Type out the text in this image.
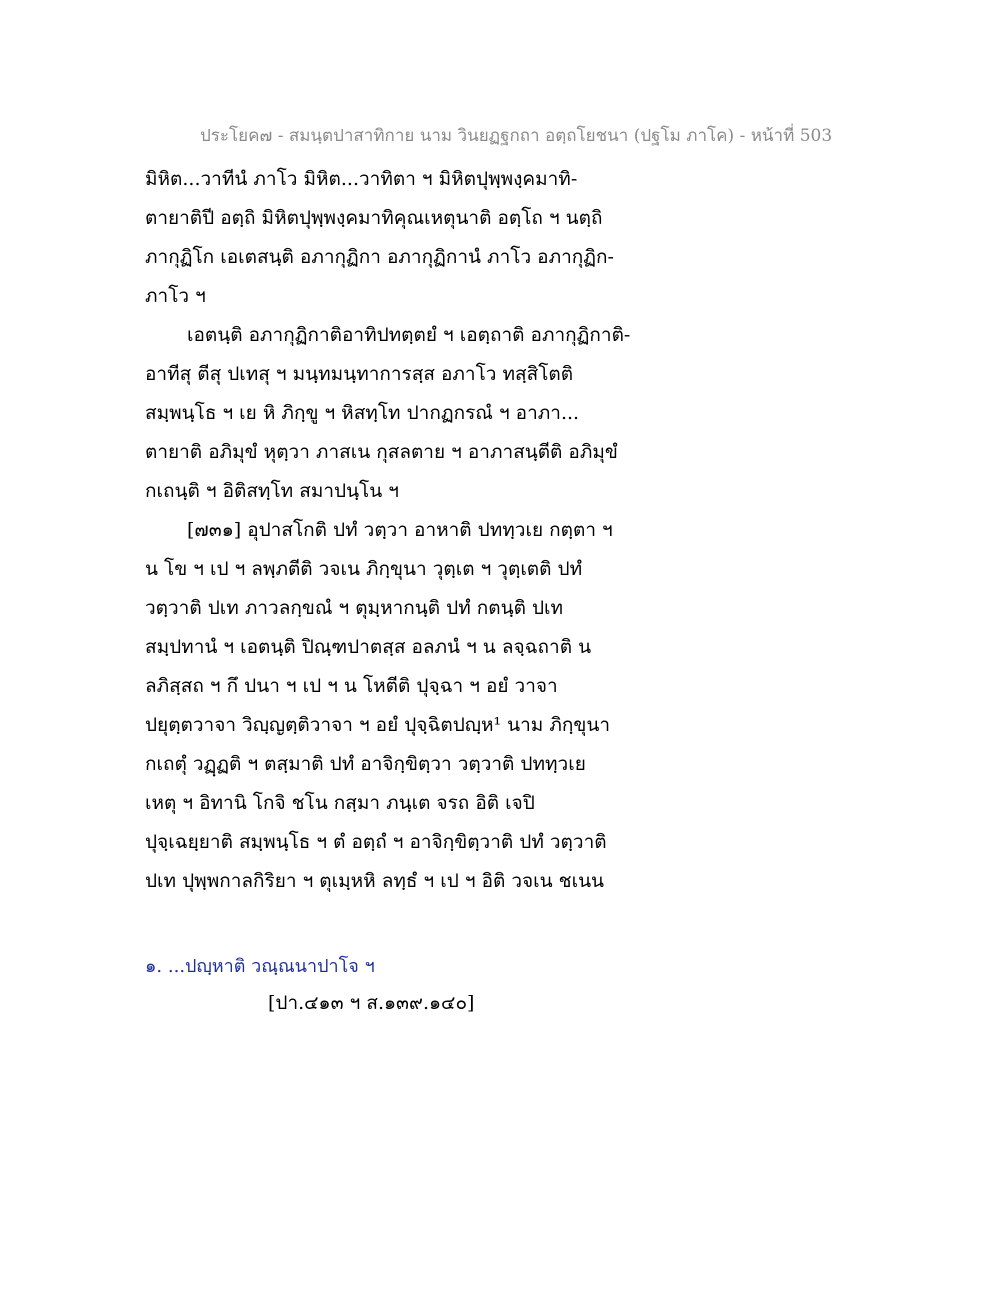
ประโยค๗ - สมนฺตปาสาทิกาย นาม วินยฏฐกถา อตฺถโยชนา (ปฐโม ภาโค) - หน้าที่ 503
มิหิต...วาทีนํ ภาโว มิหิต...วาทิตา ฯ มิหิตปุพฺพงฺคมาทิ-
ตายาติปี อตฺถิ มิหิตปุพฺพงฺคมาทิคุณเหตุนาติ อตฺโถ ฯ นตฺถิ
ภากุฏิโก เอเตสนฺติ อภากุฏิกา อภากุฏิกานํ ภาโว อภากุฏิก-
ภาโว ฯ
เอตนฺติ อภากุฏิกาติอาทิปทตฺตยํ ฯ เอตฺถาติ อภากุฏิกาติ-
อาทีสุ ตีสุ ปเทสุ ฯ มนฺทมนฺทาการสฺส อภาโว ทสฺสิโตติ
สมฺพนฺโธ ฯ เย หิ ภิกฺขู ฯ หิสทฺโท ปากฏกรณํ ฯ อาภา...
ตายาติ อภิมุขํ หุตฺวา ภาสเน กุสลตาย ฯ อาภาสนฺตีติ อภิมุขํ
กเถนฺติ ฯ อิติสทฺโท สมาปนฺโน ฯ
[๗๓๑] อุปาสโกติ ปทํ วตฺวา อาหาติ ปททฺวเย กตฺตา ฯ
น โข ฯ เป ฯ ลพฺภตีติ วจเน ภิกฺขุนา วุตฺเต ฯ วุตฺเตติ ปทํ
วตฺวาติ ปเท ภาวลกฺขณํ ฯ ตุมฺหากนฺติ ปทํ กตนฺติ ปเท
สมฺปทานํ ฯ เอตนฺติ ปิณฺฑปาตสฺส อลภนํ ฯ น ลจฺฉถาติ น
ลภิสฺสถ ฯ กึ ปนา ฯ เป ฯ น โหตีติ ปุจฺฉา ฯ อยํ วาจา
ปยุตฺตวาจา วิญฺญตฺติวาจา ฯ อยํ ปุจฺฉิตปญฺห¹ นาม ภิกฺขุนา
กเถตุํ วฏฺฏติ ฯ ตสฺมาติ ปทํ อาจิกฺขิตฺวา วตฺวาติ ปททฺวเย
เหตุ ฯ อิทานิ โกจิ ชโน กสฺมา ภนฺเต จรถ อิติ เจปิ
ปุจฺเฉยฺยาติ สมฺพนฺโธ ฯ ตํ อตฺถํ ฯ อาจิกฺขิตฺวาติ ปทํ วตฺวาติ
ปเท ปุพฺพกาลกิริยา ฯ ตุเมฺหหิ ลทฺธํ ฯ เป ฯ อิติ วจเน ชเนน
๑. ...ปญฺหาติ วณฺณนาปาโจ ฯ
[ปา.๔๑๓ ฯ ส.๑๓๙.๑๔๐]
